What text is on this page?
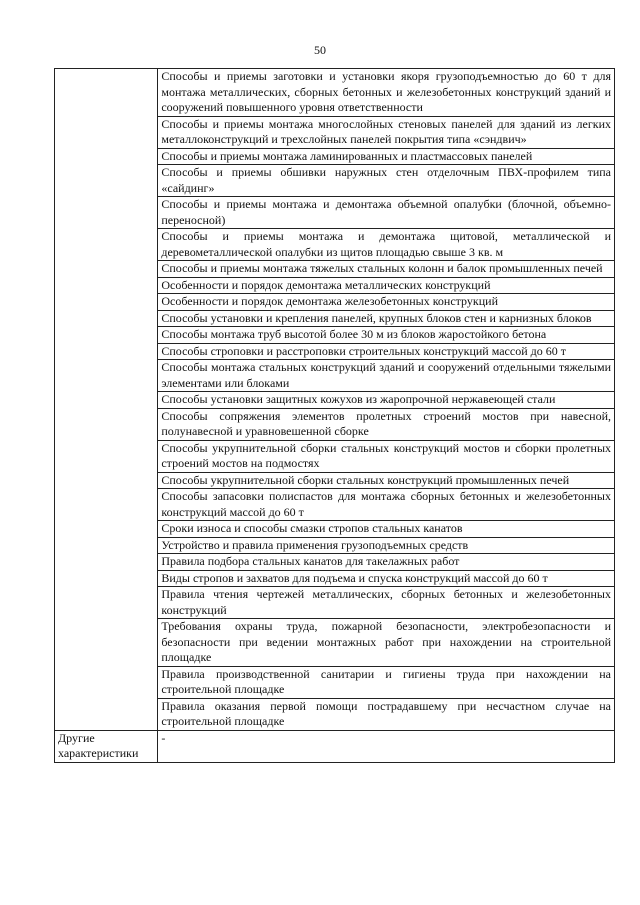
50
	Способы и приемы заготовки и установки якоря грузоподъемностью до 60 т для монтажа металлических, сборных бетонных и железобетонных конструкций зданий и сооружений повышенного уровня ответственности
	Способы и приемы монтажа многослойных стеновых панелей для зданий из легких металлоконструкций и трехслойных панелей покрытия типа «сэндвич»
	Способы и приемы монтажа ламинированных и пластмассовых панелей
	Способы и приемы обшивки наружных стен отделочным ПВХ-профилем типа «сайдинг»
	Способы и приемы монтажа и демонтажа объемной опалубки (блочной, объемно-переносной)
	Способы и приемы монтажа и демонтажа щитовой, металлической и деревометаллической опалубки из щитов площадью свыше 3 кв. м
	Способы и приемы монтажа тяжелых стальных колонн и балок промышленных печей
	Особенности и порядок демонтажа металлических конструкций
	Особенности и порядок демонтажа железобетонных конструкций
	Способы установки и крепления панелей, крупных блоков стен и карнизных блоков
	Способы монтажа труб высотой более 30 м из блоков жаростойкого бетона
	Способы строповки и расстроповки строительных конструкций массой до 60 т
	Способы монтажа стальных конструкций зданий и сооружений отдельными тяжелыми элементами или блоками
	Способы установки защитных кожухов из жаропрочной нержавеющей стали
	Способы сопряжения элементов пролетных строений мостов при навесной, полунавесной и уравновешенной сборке
	Способы укрупнительной сборки стальных конструкций мостов и сборки пролетных строений мостов на подмостях
	Способы укрупнительной сборки стальных конструкций промышленных печей
	Способы запасовки полиспастов для монтажа сборных бетонных и железобетонных конструкций массой до 60 т
	Сроки износа и способы смазки стропов стальных канатов
	Устройство и правила применения грузоподъемных средств
	Правила подбора стальных канатов для такелажных работ
	Виды стропов и захватов для подъема и спуска конструкций массой до 60 т
	Правила чтения чертежей металлических, сборных бетонных и железобетонных конструкций
	Требования охраны труда, пожарной безопасности, электробезопасности и безопасности при ведении монтажных работ при нахождении на строительной площадке
	Правила производственной санитарии и гигиены труда при нахождении на строительной площадке
	Правила оказания первой помощи пострадавшему при несчастном случае на строительной площадке
Другие характеристики	-
